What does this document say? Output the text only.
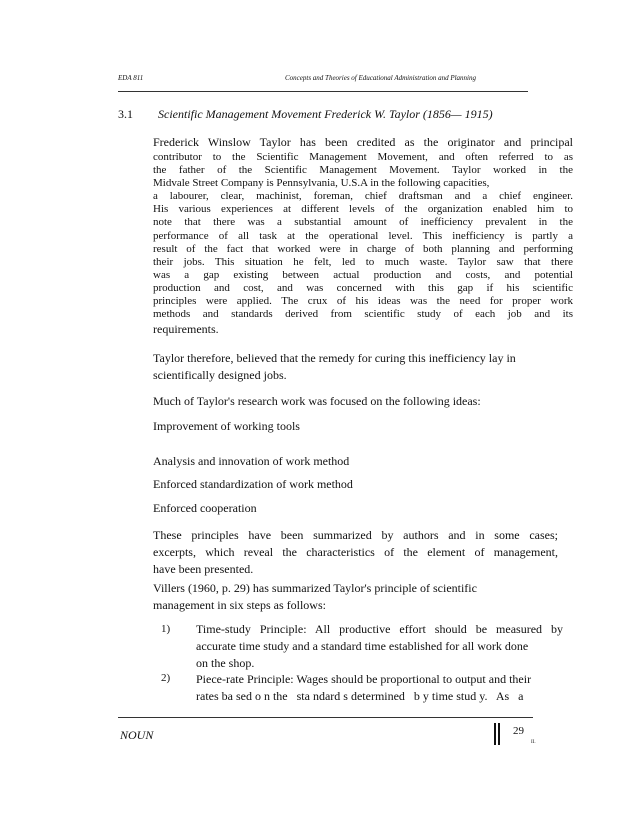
EDA 811	Concepts and Theories of Educational Administration and Planning
3.1 Scientific Management Movement Frederick W. Taylor (1856— 1915)
Frederick Winslow Taylor has been credited as the originator and principal
contributor to the Scientific Management Movement, and often referred to as
the father of the Scientific Management Movement. Taylor worked in the
Midvale Street Company is Pennsylvania, U.S.A in the following capacities,
a labourer, clear, machinist, foreman, chief draftsman and a chief engineer.
His various experiences at different levels of the organization enabled him to
note that there was a substantial amount of inefficiency prevalent in the
performance of all task at the operational level. This inefficiency is partly a
result of the fact that worked were in charge of both planning and performing
their jobs. This situation he felt, led to much waste. Taylor saw that there
was a gap existing between actual production and costs, and potential
production and cost, and was concerned with this gap if his scientific
principles were applied. The crux of his ideas was the need for proper work
methods and standards derived from scientific study of each job and its
requirements.
Taylor therefore, believed that the remedy for curing this inefficiency lay in
scientifically designed jobs.
Much of Taylor's research work was focused on the following ideas:
Improvement of working tools
Analysis and innovation of work method
Enforced standardization of work method
Enforced cooperation
These principles have been summarized by authors and in some cases;
excerpts, which reveal the characteristics of the element of management,
have been presented.
Villers (1960, p. 29) has summarized Taylor's principle of scientific
management in six steps as follows:
1) Time-study Principle: All productive effort should be measured by
accurate time study and a standard time established for all work done
on the shop.
2) Piece-rate Principle: Wages should be proportional to output and their
rates ba sed o n the   sta ndard s determined   b y time stud y.   As   a
NOUN	29
II.
